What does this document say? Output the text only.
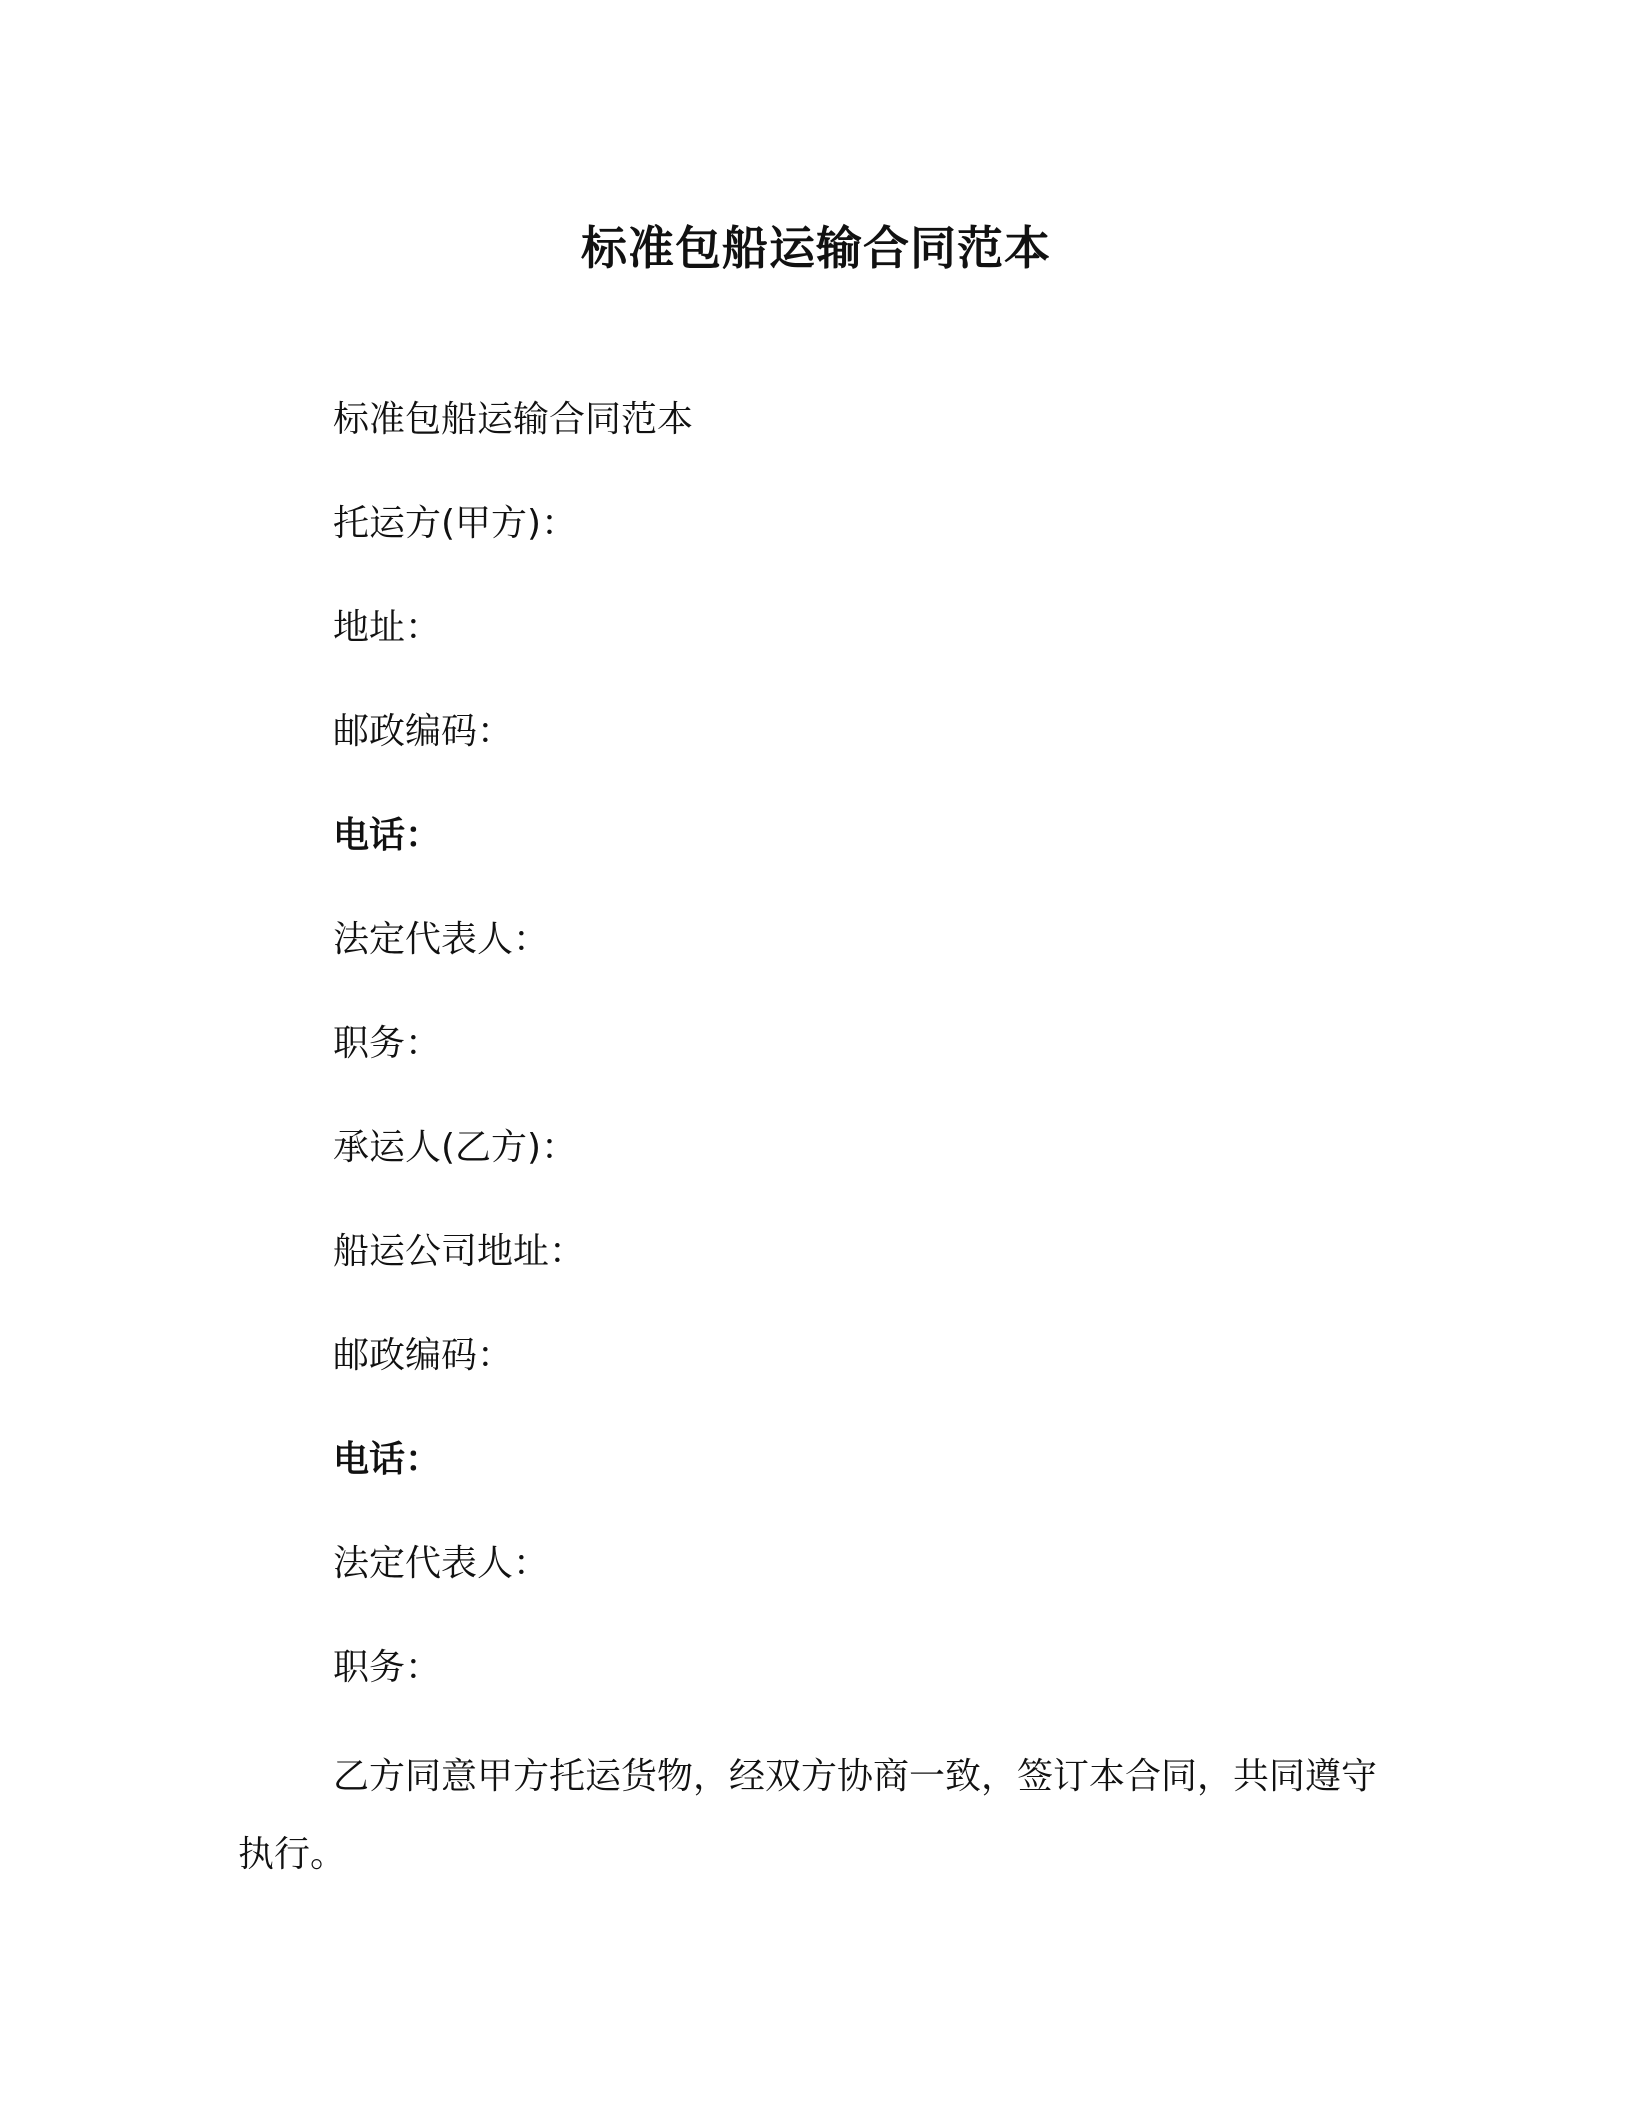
标准包船运输合同范本
标准包船运输合同范本
托运方(甲方)：
地址：
邮政编码：
电话：
法定代表人：
职务：
承运人(乙方)：
船运公司地址：
邮政编码：
电话：
法定代表人：
职务：

乙方同意甲方托运货物，经双方协商一致，签订本合同，共同遵守执行。
